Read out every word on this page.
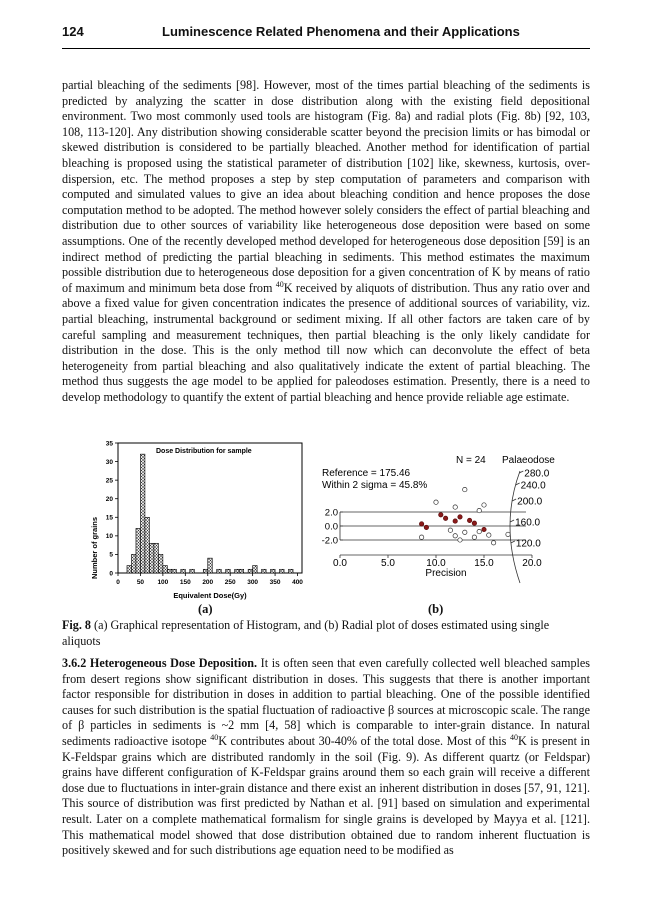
124	Luminescence Related Phenomena and their Applications

partial bleaching of the sediments [98]. However, most of the times partial bleaching of the sediments is predicted by analyzing the scatter in dose distribution along with the existing field depositional environment. Two most commonly used tools are histogram (Fig. 8a) and radial plots (Fig. 8b) [92, 103, 108, 113-120]. Any distribution showing considerable scatter beyond the precision limits or has bimodal or skewed distribution is considered to be partially bleached. Another method for identification of partial bleaching is proposed using the statistical parameter of distribution [102] like, skewness, kurtosis, over-dispersion, etc. The method proposes a step by step computation of parameters and comparison with computed and simulated values to give an idea about bleaching condition and hence proposes the dose computation method to be adopted. The method however solely considers the effect of partial bleaching and distribution due to other sources of variability like heterogeneous dose deposition were based on some assumptions. One of the recently developed method developed for heterogeneous dose deposition [59] is an indirect method of predicting the partial bleaching in sediments. This method estimates the maximum possible distribution due to heterogeneous dose deposition for a given concentration of K by means of ratio of maximum and minimum beta dose from $^{40}$K received by aliquots of distribution. Thus any ratio over and above a fixed value for given concentration indicates the presence of additional sources of variability, viz. partial bleaching, instrumental background or sediment mixing. If all other factors are taken care of by careful sampling and measurement techniques, then partial bleaching is the only likely candidate for distribution in the dose. This is the only method till now which can deconvolute the effect of beta heterogeneity from partial bleaching and also qualitatively indicate the extent of partial bleaching. The method thus suggests the age model to be applied for paleodoses estimation. Presently, there is a need to develop methodology to quantify the extent of partial bleaching and hence provide reliable age estimate.

0	50 100 150 200 250 300 350 400
0
5
10
15
20
25
30
35
Dose Distribution for sample
Number of grains
Equivalent Dose(Gy)
0.0	5.0	10.0	15.0	20.0
2.0
0.0
-2.0
280.0
240.0
200.0
160.0
120.0
N = 24 Palaeodose
Reference = 175.46
Within 2 sigma = 45.8%
Precision
(a)	(b)

Fig. 8 (a) Graphical representation of Histogram, and (b) Radial plot of doses estimated using single aliquots

3.6.2 Heterogeneous Dose Deposition. It is often seen that even carefully collected well bleached samples from desert regions show significant distribution in doses. This suggests that there is another important factor responsible for distribution in doses in addition to partial bleaching. One of the possible identified causes for such distribution is the spatial fluctuation of radioactive β sources at microscopic scale. The range of β particles in sediments is ~2 mm [4, 58] which is comparable to inter-grain distance. In natural sediments radioactive isotope $^{40}$K contributes about 30-40% of the total dose. Most of this $^{40}$K is present in K-Feldspar grains which are distributed randomly in the soil (Fig. 9). As different quartz (or Feldspar) grains have different configuration of K-Feldspar grains around them so each grain will receive a different dose due to fluctuations in inter-grain distance and there exist an inherent distribution in doses [57, 91, 121]. This source of distribution was first predicted by Nathan et al. [91] based on simulation and experimental result. Later on a complete mathematical formalism for single grains is developed by Mayya et al. [121]. This mathematical model showed that dose distribution obtained due to random inherent fluctuation is positively skewed and for such distributions age equation need to be modified as
